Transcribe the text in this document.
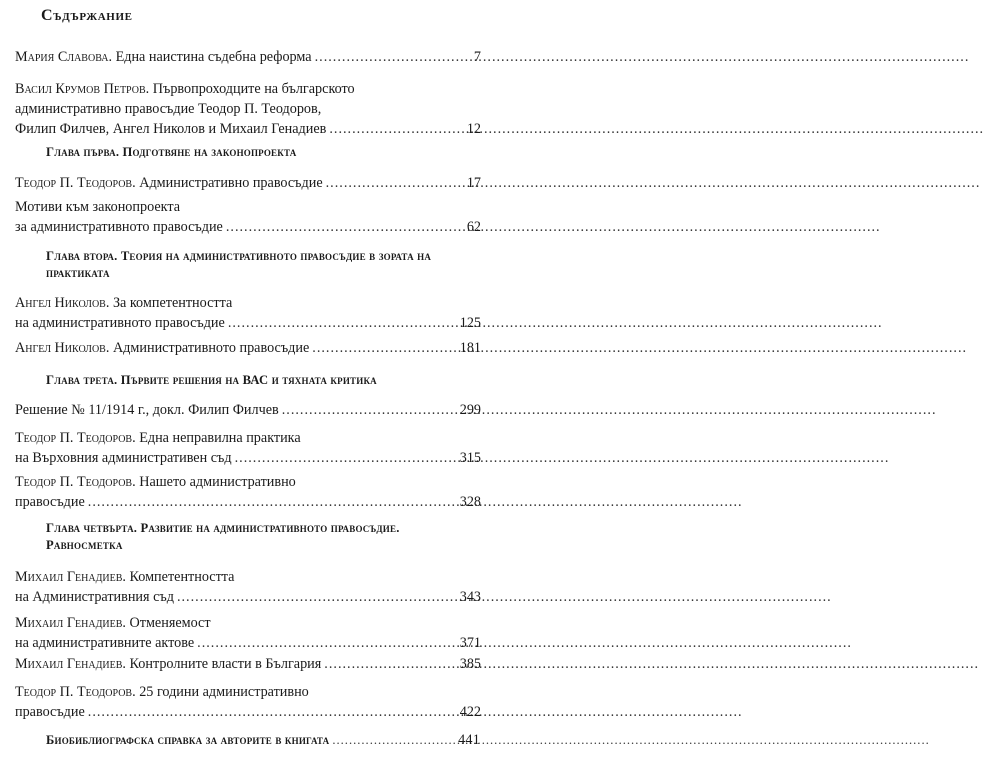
Съдържание
Мария Славова. Една наистина съдебна реформа .....	7
Васил Крумов Петров. Първопроходците на българското
административно правосъдие Теодор П. Теодоров,
Филип Филчев, Ангел Николов и Михаил Генадиев .....	12
Глава първа. Подготвяне на законопроекта
Теодор П. Теодоров. Административно правосъдие .....	17
Мотиви към законопроекта
за административното правосъдие .....	62
Глава втора. Теория на административното правосъдие в зората на практиката
Ангел Николов. За компетентността
на административното правосъдие .....	125
Ангел Николов. Административното правосъдие .....	181
Глава трета. Първите решения на ВАС и тяхната критика
Решение № 11/1914 г., докл. Филип Филчев .....	299
Теодор П. Теодоров. Една неправилна практика
на Върховния административен съд .....	315
Теодор П. Теодоров. Нашето административно
правосъдие .....	328
Глава четвърта. Развитие на административното правосъдие. Равносметка
Михаил Генадиев. Компетентността
на Административния съд .....	343
Михаил Генадиев. Отменяемост
на административните актове .....	371
Михаил Генадиев. Контролните власти в България .....	385
Теодор П. Теодоров. 25 години административно
правосъдие .....	422
Биобиблиографска справка за авторите в книгата .....	441
